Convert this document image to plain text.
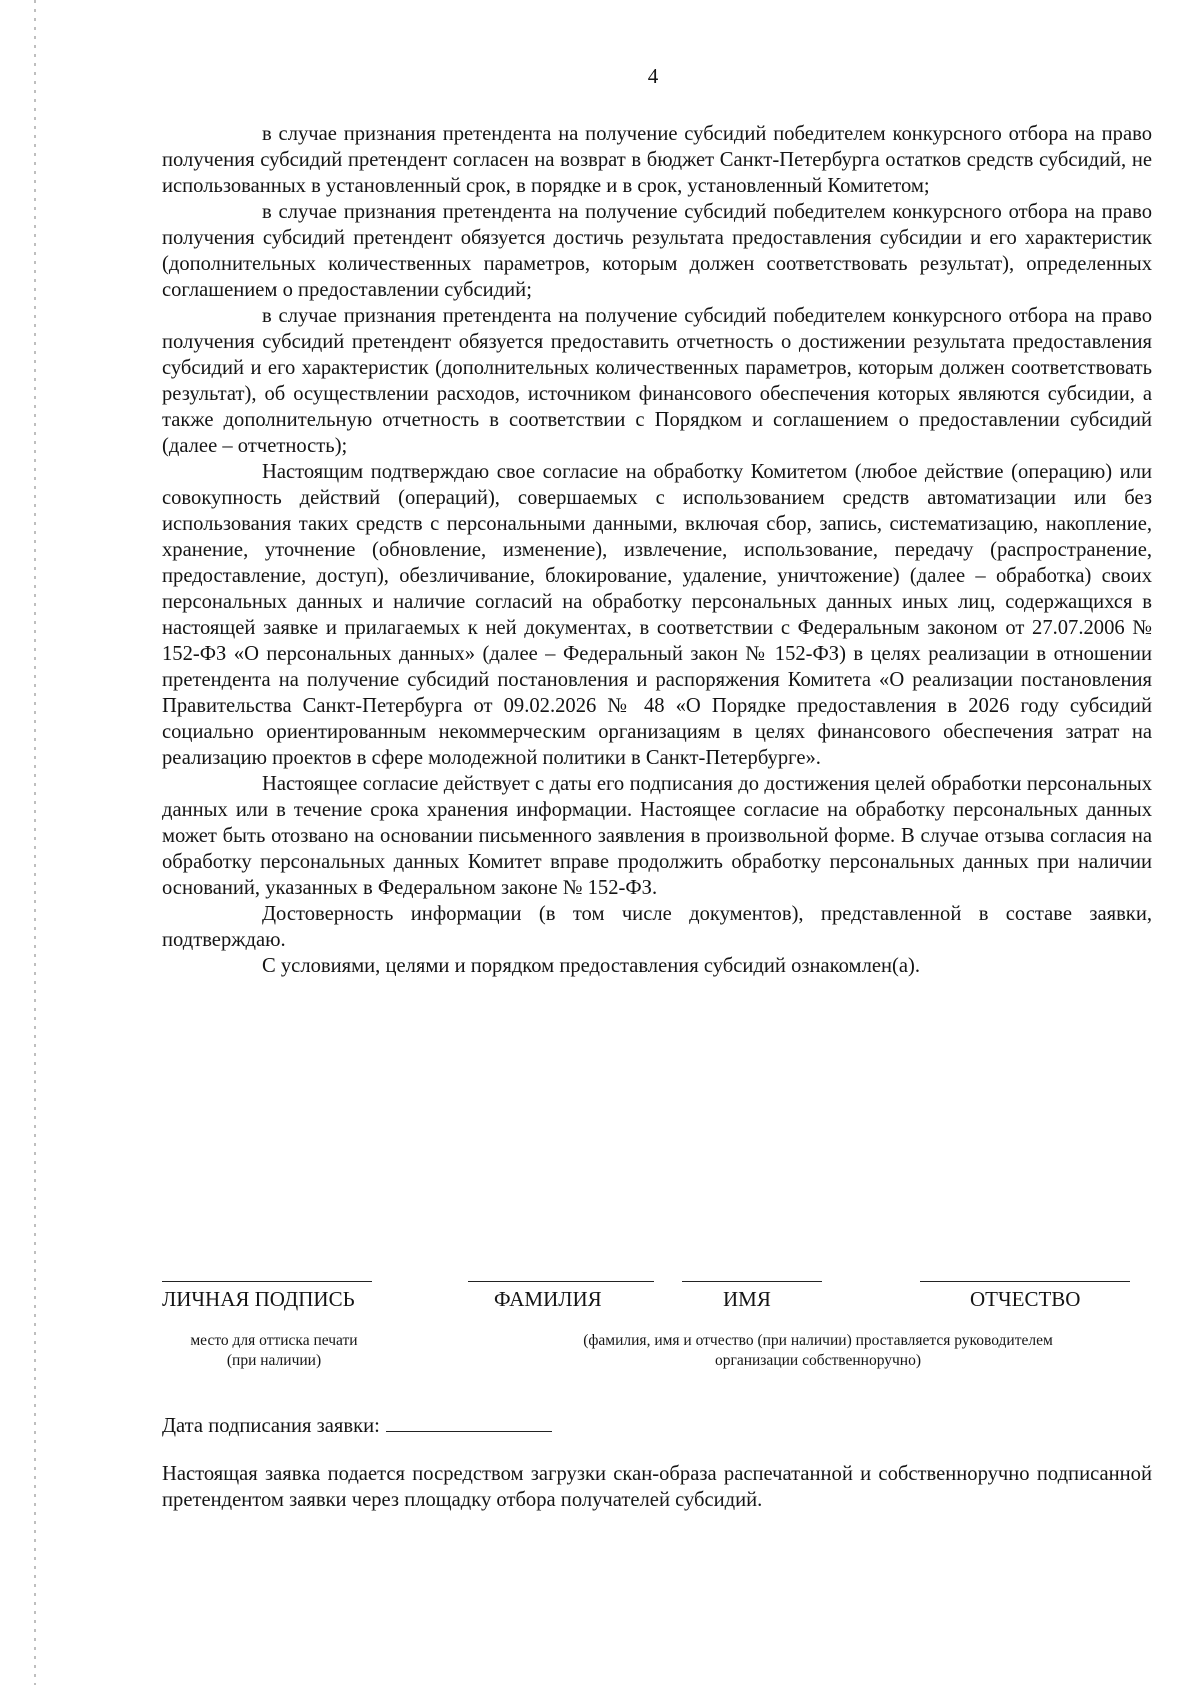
4

в случае признания претендента на получение субсидий победителем конкурсного отбора на право получения субсидий претендент согласен на возврат в бюджет Санкт-Петербурга остатков средств субсидий, не использованных в установленный срок, в порядке и в срок, установленный Комитетом;

в случае признания претендента на получение субсидий победителем конкурсного отбора на право получения субсидий претендент обязуется достичь результата предоставления субсидии и его характеристик (дополнительных количественных параметров, которым должен соответствовать результат), определенных соглашением о предоставлении субсидий;

в случае признания претендента на получение субсидий победителем конкурсного отбора на право получения субсидий претендент обязуется предоставить отчетность о достижении результата предоставления субсидий и его характеристик (дополнительных количественных параметров, которым должен соответствовать результат), об осуществлении расходов, источником финансового обеспечения которых являются субсидии, а также дополнительную отчетность в соответствии с Порядком и соглашением о предоставлении субсидий (далее – отчетность);

Настоящим подтверждаю свое согласие на обработку Комитетом (любое действие (операцию) или совокупность действий (операций), совершаемых с использованием средств автоматизации или без использования таких средств с персональными данными, включая сбор, запись, систематизацию, накопление, хранение, уточнение (обновление, изменение), извлечение, использование, передачу (распространение, предоставление, доступ), обезличивание, блокирование, удаление, уничтожение) (далее – обработка) своих персональных данных и наличие согласий на обработку персональных данных иных лиц, содержащихся в настоящей заявке и прилагаемых к ней документах, в соответствии с Федеральным законом от 27.07.2006 № 152-ФЗ «О персональных данных» (далее – Федеральный закон № 152-ФЗ) в целях реализации в отношении претендента на получение субсидий постановления и распоряжения Комитета «О реализации постановления Правительства Санкт-Петербурга от 09.02.2026 № 48 «О Порядке предоставления в 2026 году субсидий социально ориентированным некоммерческим организациям в целях финансового обеспечения затрат на реализацию проектов в сфере молодежной политики в Санкт-Петербурге».

Настоящее согласие действует с даты его подписания до достижения целей обработки персональных данных или в течение срока хранения информации. Настоящее согласие на обработку персональных данных может быть отозвано на основании письменного заявления в произвольной форме. В случае отзыва согласия на обработку персональных данных Комитет вправе продолжить обработку персональных данных при наличии оснований, указанных в Федеральном законе № 152-ФЗ.

Достоверность информации (в том числе документов), представленной в составе заявки, подтверждаю.

С условиями, целями и порядком предоставления субсидий ознакомлен(а).

ЛИЧНАЯ ПОДПИСЬ	ФАМИЛИЯ	ИМЯ	ОТЧЕСТВО
место для оттиска печати
(при наличии)
(фамилия, имя и отчество (при наличии) проставляется руководителем
организации собственноручно)
Дата подписания заявки:

Настоящая заявка подается посредством загрузки скан-образа распечатанной и собственноручно подписанной претендентом заявки через площадку отбора получателей субсидий.
